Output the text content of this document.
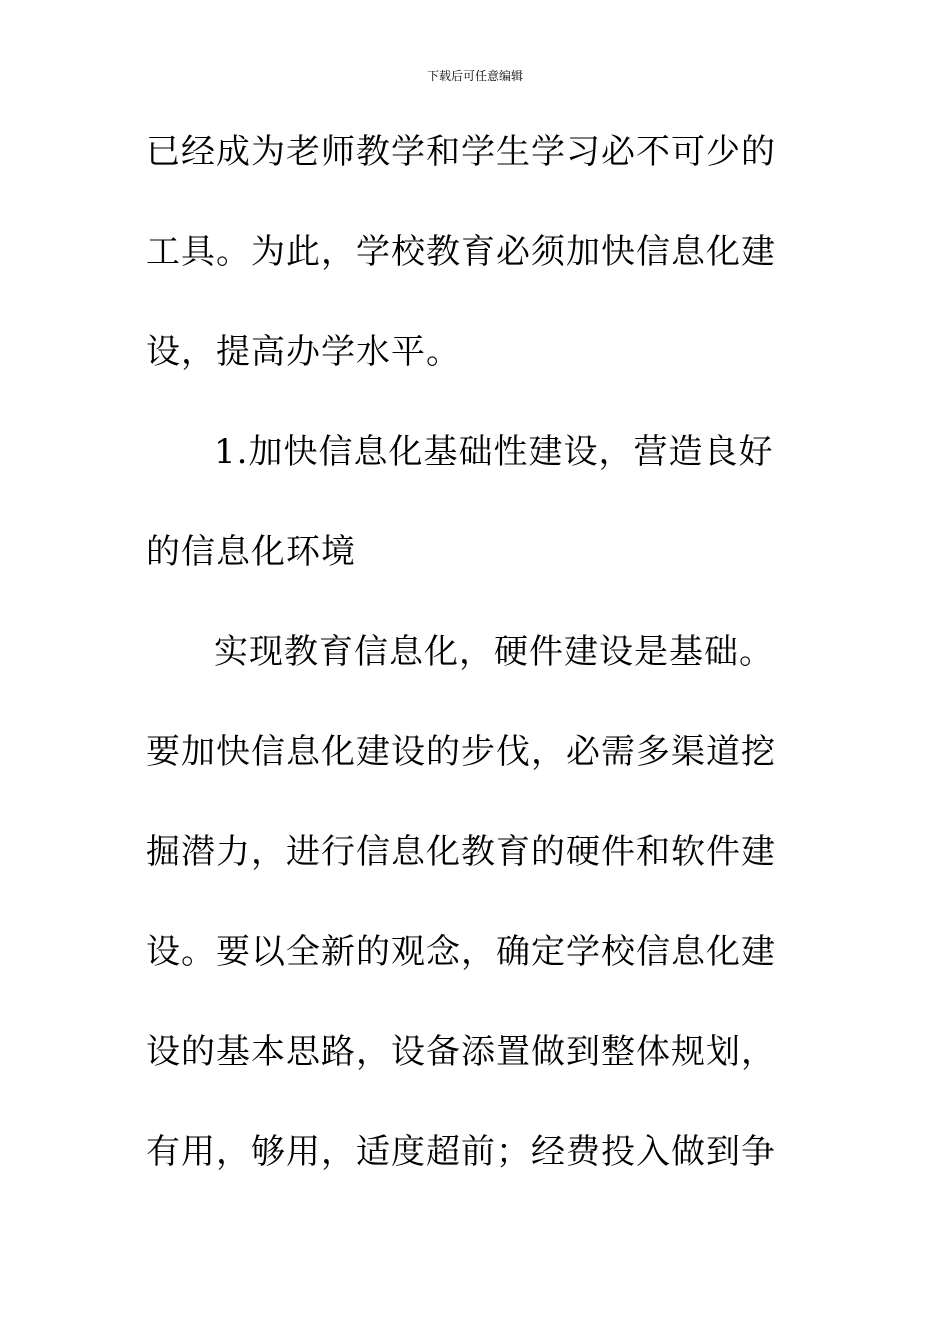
下载后可任意编辑
已经成为老师教学和学生学习必不可少的
工具。为此，学校教育必须加快信息化建
设，提高办学水平。
1.加快信息化基础性建设，营造良好
的信息化环境
实现教育信息化，硬件建设是基础。
要加快信息化建设的步伐，必需多渠道挖
掘潜力，进行信息化教育的硬件和软件建
设。要以全新的观念，确定学校信息化建
设的基本思路，设备添置做到整体规划，
有用，够用，适度超前；经费投入做到争
